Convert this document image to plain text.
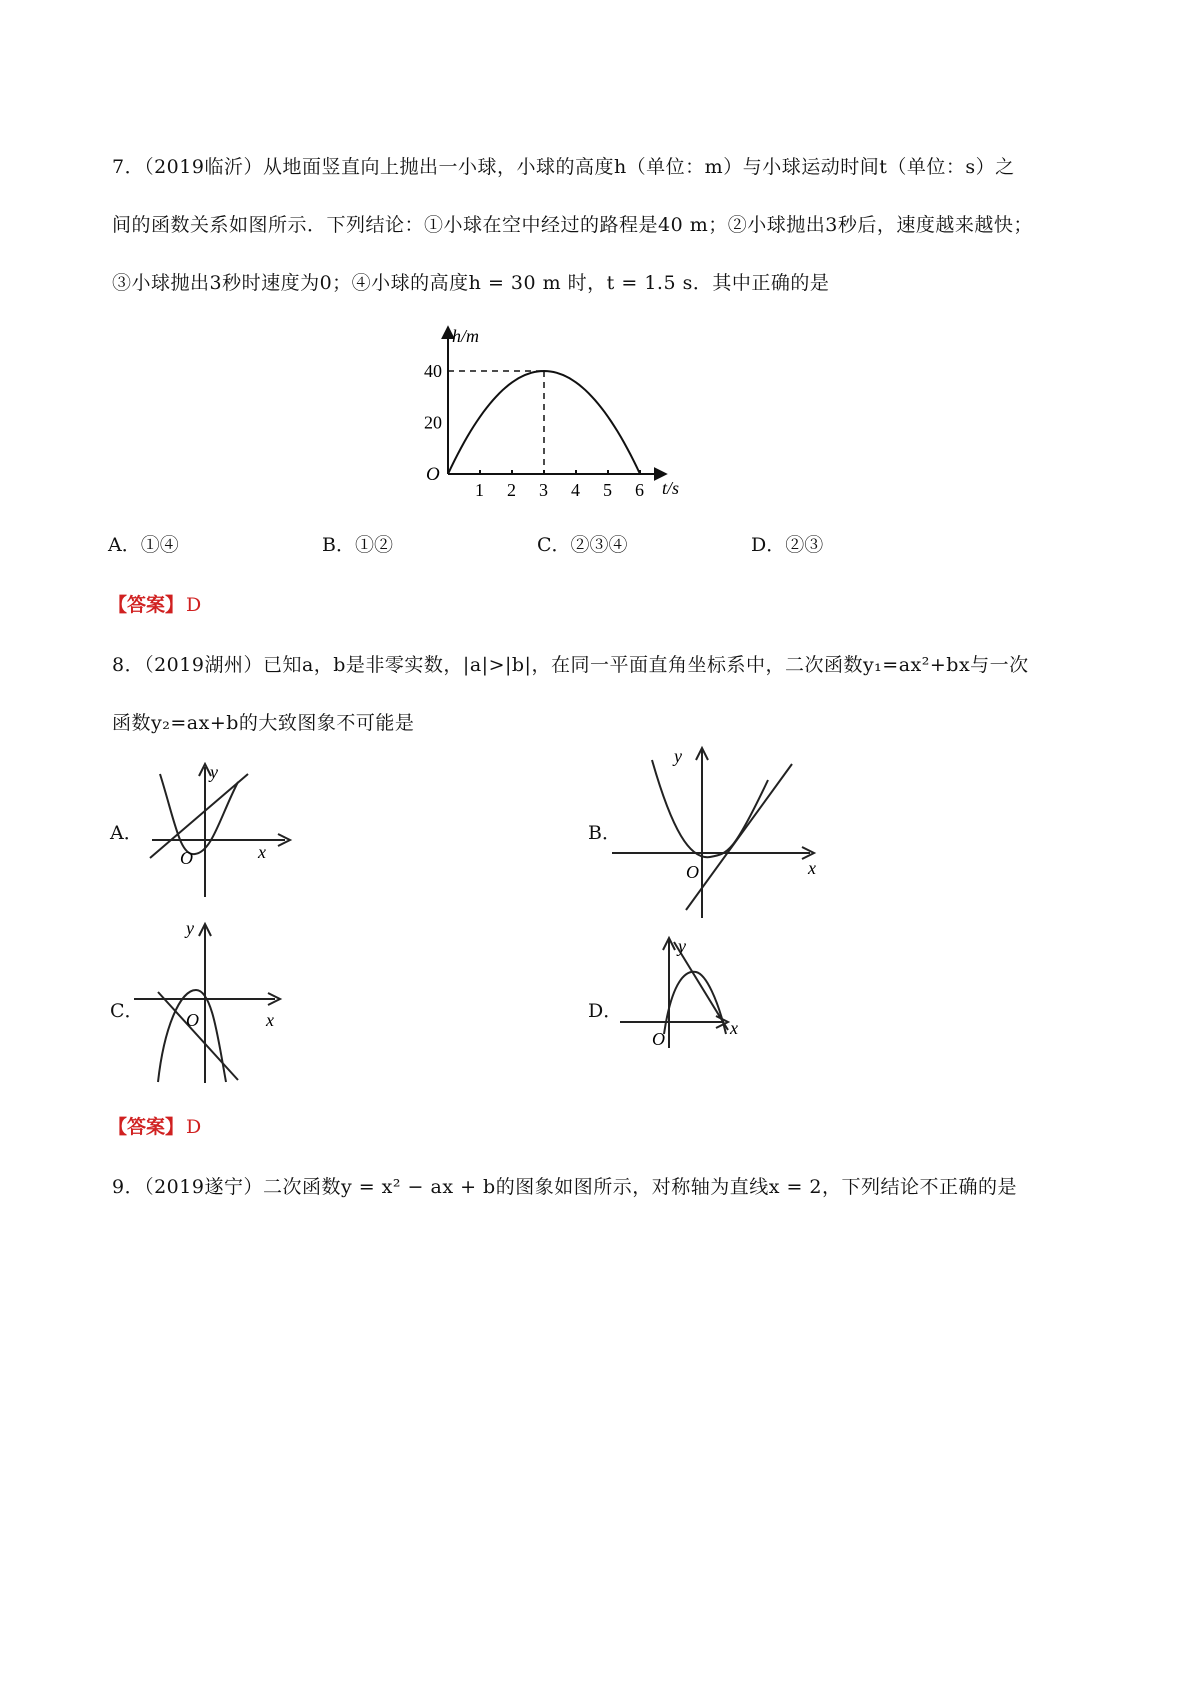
7．（2019临沂）从地面竖直向上抛出一小球，小球的高度h（单位：m）与小球运动时间t（单位：s）之
间的函数关系如图所示．下列结论：①小球在空中经过的路程是40 m；②小球抛出3秒后，速度越来越快；
③小球抛出3秒时速度为0；④小球的高度h = 30 m 时，t = 1.5 s．其中正确的是
1 2 3 4 5 6
20
40
h/m
t/s
O
A．①④	B．①②	C．②③④	D．②③
【答案】 D
8．（2019湖州）已知a，b是非零实数，|a|>|b|，在同一平面直角坐标系中，二次函数y₁=ax²+bx与一次
函数y₂=ax+b的大致图象不可能是
A．
O	x
y
B．
O	x
y
C． O	x
y
D．
O
x
y
【答案】 D
9．（2019遂宁）二次函数y = x² − ax + b的图象如图所示，对称轴为直线x = 2，下列结论不正确的是
